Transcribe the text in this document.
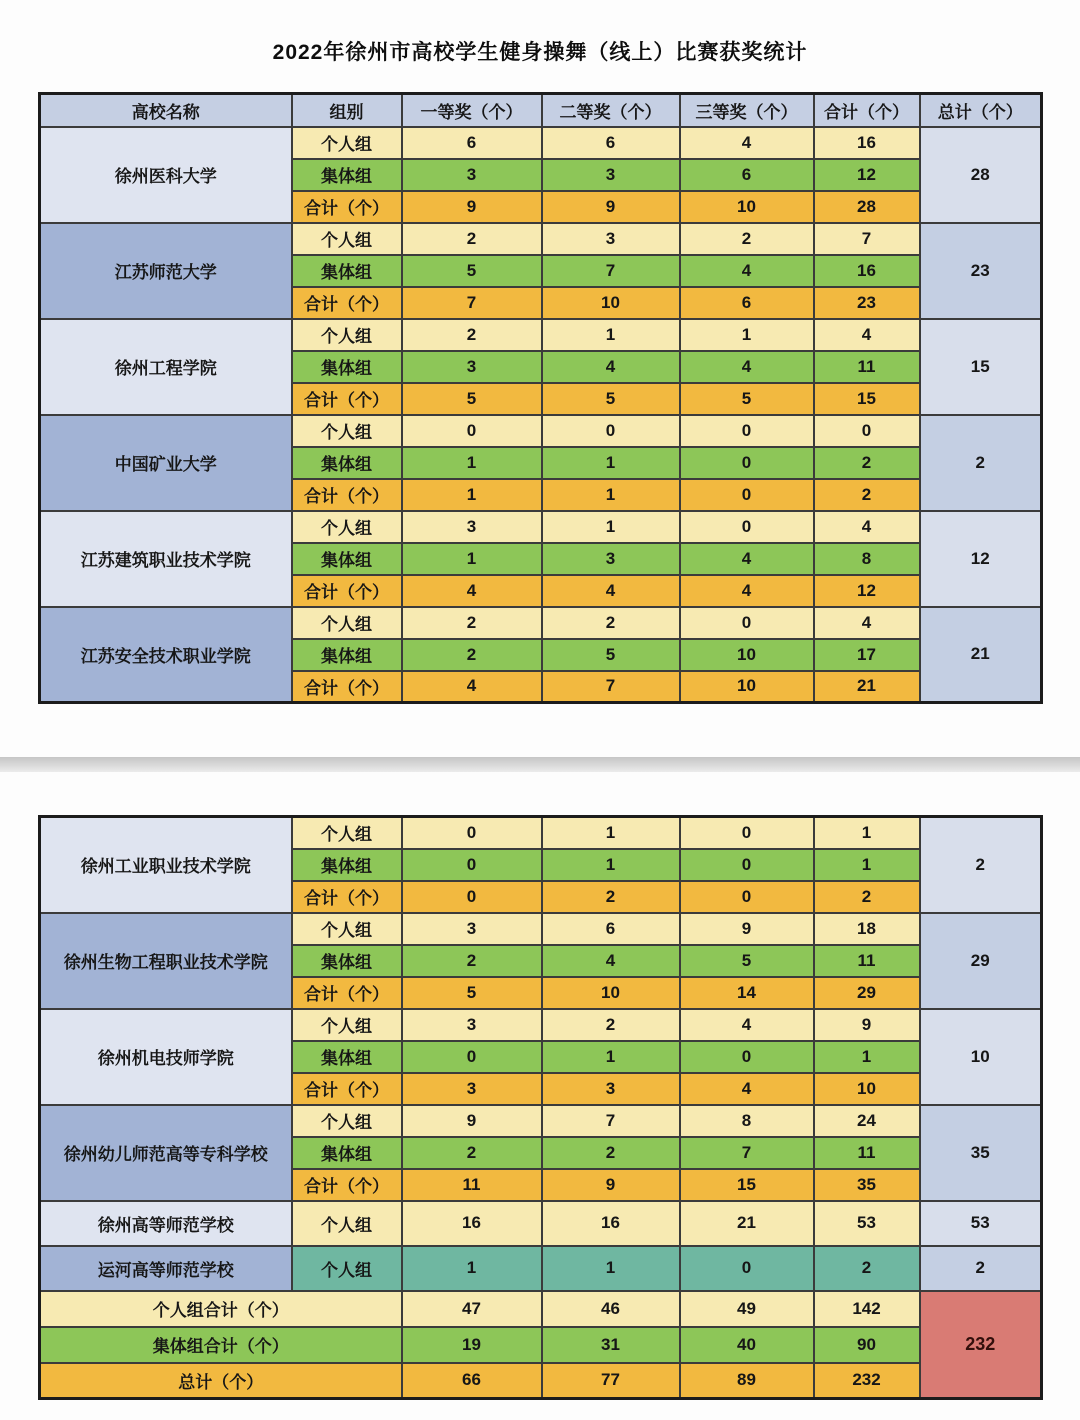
2022年徐州市高校学生健身操舞（线上）比赛获奖统计
高校名称	组别	一等奖（个）	二等奖（个）	三等奖（个）	合计（个）	总计（个）
徐州医科大学	个人组	6	6	4	16	28
	集体组	3	3	6	12	
	合计（个）	9	9	10	28	
江苏师范大学	个人组	2	3	2	7	23
	集体组	5	7	4	16	
	合计（个）	7	10	6	23	
徐州工程学院	个人组	2	1	1	4	15
	集体组	3	4	4	11	
	合计（个）	5	5	5	15	
中国矿业大学	个人组	0	0	0	0	2
	集体组	1	1	0	2	
	合计（个）	1	1	0	2	
江苏建筑职业技术学院	个人组	3	1	0	4	12
	集体组	1	3	4	8	
	合计（个）	4	4	4	12	
江苏安全技术职业学院	个人组	2	2	0	4	21
	集体组	2	5	10	17	
	合计（个）	4	7	10	21	
徐州工业职业技术学院	个人组	0	1	0	1	2
	集体组	0	1	0	1	
	合计（个）	0	2	0	2	
徐州生物工程职业技术学院	个人组	3	6	9	18	29
	集体组	2	4	5	11	
	合计（个）	5	10	14	29	
徐州机电技师学院	个人组	3	2	4	9	10
	集体组	0	1	0	1	
	合计（个）	3	3	4	10	
徐州幼儿师范高等专科学校	个人组	9	7	8	24	35
	集体组	2	2	7	11	
	合计（个）	11	9	15	35	
徐州高等师范学校	个人组	16	16	21	53	53
运河高等师范学校	个人组	1	1	0	2	2
个人组合计（个）		47	46	49	142	232
集体组合计（个）		19	31	40	90	
总计（个）		66	77	89	232	
